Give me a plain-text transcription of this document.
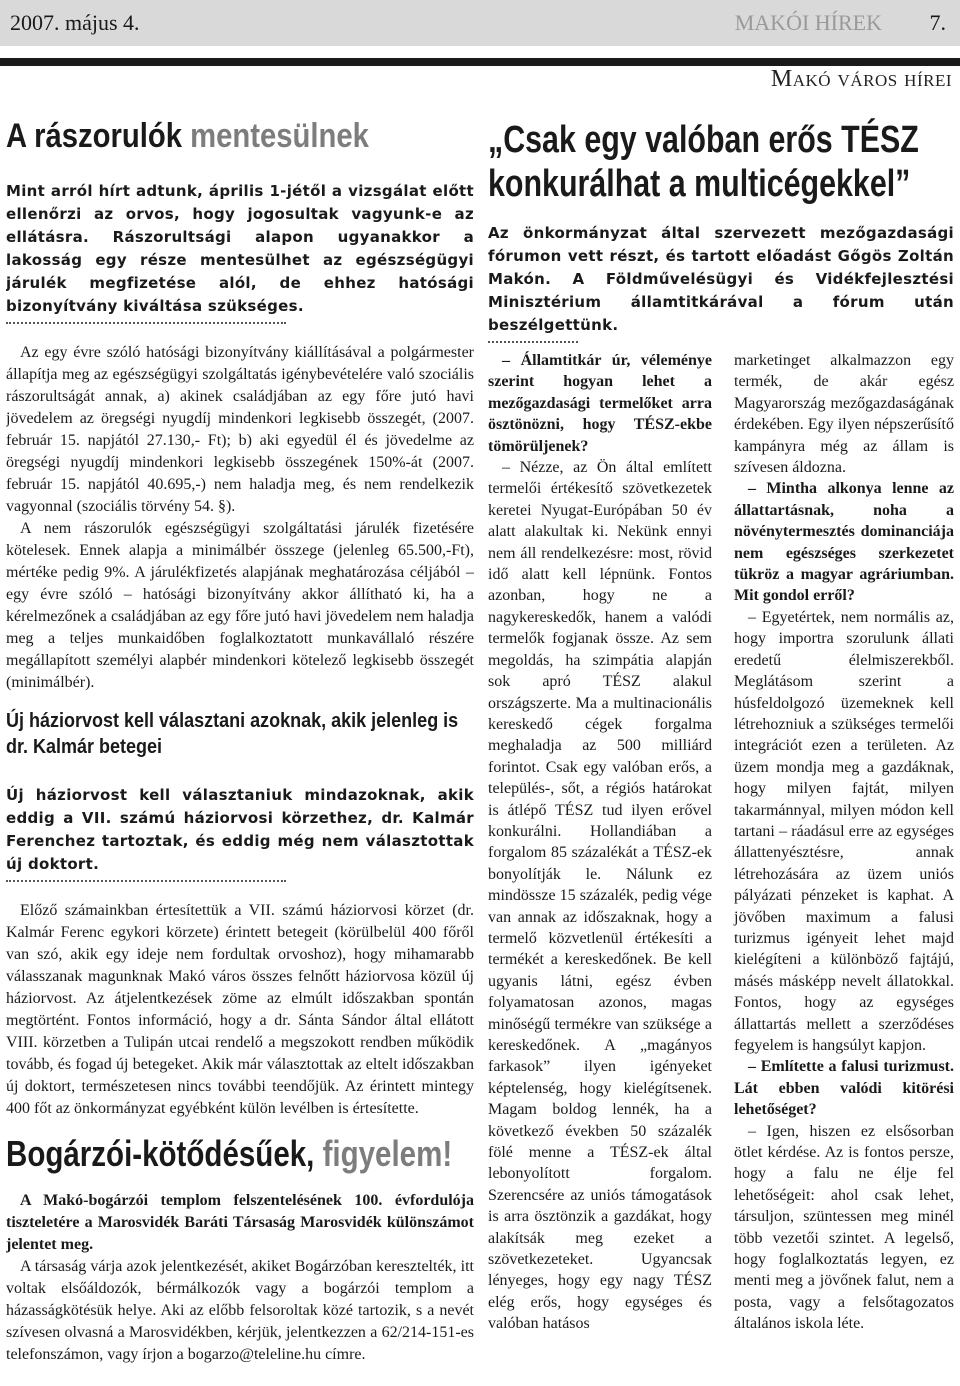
2007. május 4.	MAKÓI HÍREK 7.
Makó város hírei
A rászorulók mentesülnek
Mint arról hírt adtunk, április 1-jétől a vizsgálat előtt ellenőrzi az orvos, hogy jogosultak vagyunk-e az ellátásra. Rászorultsági alapon ugyanakkor a lakosság egy része mentesülhet az egészségügyi járulék megfizetése alól, de ehhez hatósági bizonyítvány kiváltása szükséges.

Az egy évre szóló hatósági bizonyítvány kiállításával a polgármester állapítja meg az egészségügyi szolgáltatás igénybevételére való szociális rászorultságát annak, a) akinek családjában az egy főre jutó havi jövedelem az öregségi nyugdíj mindenkori legkisebb összegét, (2007. február 15. napjától 27.130,- Ft); b) aki egyedül él és jövedelme az öregségi nyugdíj mindenkori legkisebb összegének 150%-át (2007. február 15. napjától 40.695,-) nem haladja meg, és nem rendelkezik vagyonnal (szociális törvény 54. §).

A nem rászorulók egészségügyi szolgáltatási járulék fizetésére kötelesek. Ennek alapja a minimálbér összege (jelenleg 65.500,-Ft), mértéke pedig 9%. A járulékfizetés alapjának meghatározása céljából – egy évre szóló – hatósági bizonyítvány akkor állítható ki, ha a kérelmezőnek a családjában az egy főre jutó havi jövedelem nem haladja meg a teljes munkaidőben foglalkoztatott munkavállaló részére megállapított személyi alapbér mindenkori kötelező legkisebb összegét (minimálbér).

Új háziorvost kell választani azoknak, akik jelenleg is dr. Kalmár betegei
Új háziorvost kell választaniuk mindazoknak, akik eddig a VII. számú háziorvosi körzethez, dr. Kalmár Ferenchez tartoztak, és eddig még nem választottak új doktort.

Előző számainkban értesítettük a VII. számú háziorvosi körzet (dr. Kalmár Ferenc egykori körzete) érintett betegeit (körülbelül 400 főről van szó, akik egy ideje nem fordultak orvoshoz), hogy mihamarabb válasszanak magunknak Makó város összes felnőtt háziorvosa közül új háziorvost. Az átjelentkezések zöme az elmúlt időszakban spontán megtörtént. Fontos információ, hogy a dr. Sánta Sándor által ellátott VIII. körzetben a Tulipán utcai rendelő a megszokott rendben működik tovább, és fogad új betegeket. Akik már választottak az eltelt időszakban új doktort, természetesen nincs további teendőjük. Az érintett mintegy 400 főt az önkormányzat egyébként külön levélben is értesítette.

Bogárzói-kötődésűek, figyelem!

A Makó-bogárzói templom felszentelésének 100. évfordulója tiszteletére a Marosvidék Baráti Társaság Marosvidék különszámot jelentet meg.

A társaság várja azok jelentkezését, akiket Bogárzóban keresztelték, itt voltak elsőáldozók, bérmálkozók vagy a bogárzói templom a házasságkötésük helye. Aki az előbb felsoroltak közé tartozik, s a nevét szívesen olvasná a Marosvidékben, kérjük, jelentkezzen a 62/214-151-es telefonszámon, vagy írjon a bogarzo@teleline.hu címre.

„Csak egy valóban erős TÉSZ konkurálhat a multicégekkel”
Az önkormányzat által szervezett mezőgazdasági fórumon vett részt, és tartott előadást Gőgös Zoltán Makón. A Földművelésügyi és Vidékfejlesztési Minisztérium államtitkárával a fórum után beszélgettünk.

– Államtitkár úr, véleménye szerint hogyan lehet a mezőgazdasági termelőket arra ösztönözni, hogy TÉSZ-ekbe tömörüljenek?

– Nézze, az Ön által említett termelői értékesítő szövetkezetek keretei Nyugat-Európában 50 év alatt alakultak ki. Nekünk ennyi nem áll rendelkezésre: most, rövid idő alatt kell lépnünk. Fontos azonban, hogy ne a nagykereskedők, hanem a valódi termelők fogjanak össze. Az sem megoldás, ha szimpátia alapján sok apró TÉSZ alakul országszerte. Ma a multinacionális kereskedő cégek forgalma meghaladja az 500 milliárd forintot. Csak egy valóban erős, a település-, sőt, a régiós határokat is átlépő TÉSZ tud ilyen erővel konkurálni. Hollandiában a forgalom 85 százalékát a TÉSZ-ek bonyolítják le. Nálunk ez mindössze 15 százalék, pedig vége van annak az időszaknak, hogy a termelő közvetlenül értékesíti a termékét a kereskedőnek. Be kell ugyanis látni, egész évben folyamatosan azonos, magas minőségű termékre van szüksége a kereskedőnek. A „magányos farkasok” ilyen igényeket képtelenség, hogy kielégítsenek. Magam boldog lennék, ha a következő években 50 százalék fölé menne a TÉSZ-ek által lebonyolított forgalom. Szerencsére az uniós támogatások is arra ösztönzik a gazdákat, hogy alakítsák meg ezeket a szövetkezeteket. Ugyancsak lényeges, hogy egy nagy TÉSZ elég erős, hogy egységes és valóban hatásos

marketinget alkalmazzon egy termék, de akár egész Magyarország mezőgazdaságának érdekében. Egy ilyen népszerűsítő kampányra még az állam is szívesen áldozna.

– Mintha alkonya lenne az állattartásnak, noha a növénytermesztés dominanciája nem egészséges szerkezetet tükröz a magyar agráriumban. Mit gondol erről?

– Egyetértek, nem normális az, hogy importra szorulunk állati eredetű élelmiszerekből. Meglátásom szerint a húsfeldolgozó üzemeknek kell létrehozniuk a szükséges termelői integrációt ezen a területen. Az üzem mondja meg a gazdáknak, hogy milyen fajtát, milyen takarmánnyal, milyen módon kell tartani – ráadásul erre az egységes állattenyésztésre, annak létrehozására az üzem uniós pályázati pénzeket is kaphat. A jövőben maximum a falusi turizmus igényeit lehet majd kielégíteni a különböző fajtájú, másés másképp nevelt állatokkal. Fontos, hogy az egységes állattartás mellett a szerződéses fegyelem is hangsúlyt kapjon.

– Említette a falusi turizmust. Lát ebben valódi kitörési lehetőséget?

– Igen, hiszen ez elsősorban ötlet kérdése. Az is fontos persze, hogy a falu ne élje fel lehetőségeit: ahol csak lehet, társuljon, szüntessen meg minél több vezetői szintet. A legelső, hogy foglalkoztatás legyen, ez menti meg a jövőnek falut, nem a posta, vagy a felsőtagozatos általános iskola léte.
